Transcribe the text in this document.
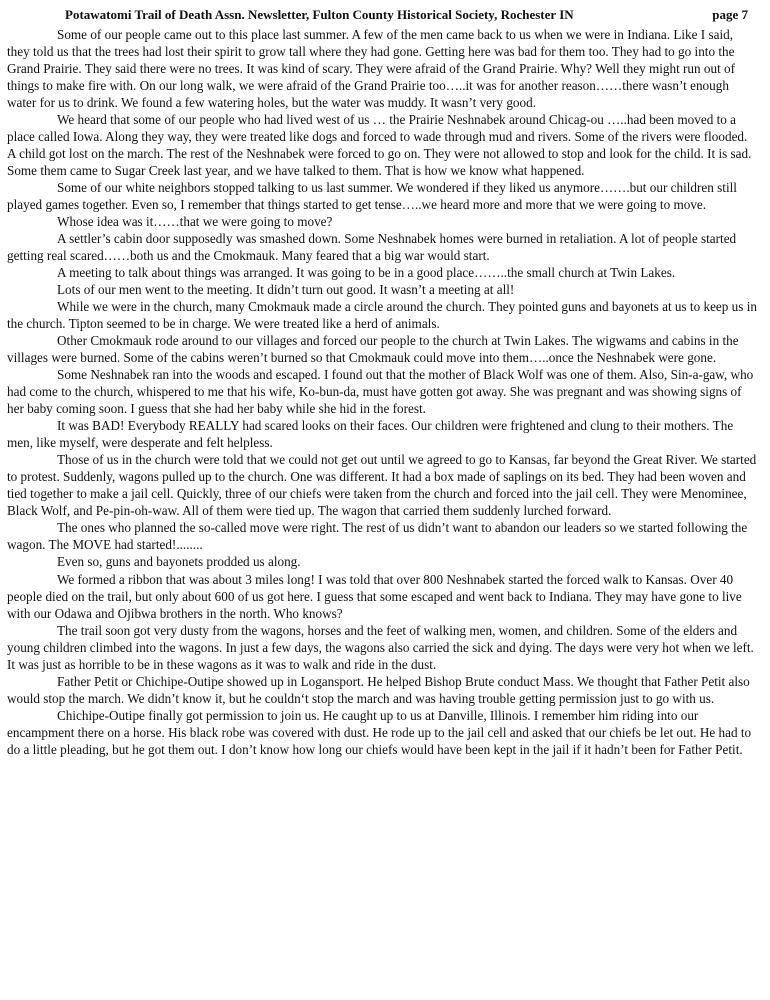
Potawatomi Trail of Death Assn. Newsletter, Fulton County Historical Society, Rochester IN	page 7

Some of our people came out to this place last summer. A few of the men came back to us when we were in Indiana. Like I said, they told us that the trees had lost their spirit to grow tall where they had gone. Getting here was bad for them too. They had to go into the Grand Prairie. They said there were no trees. It was kind of scary. They were afraid of the Grand Prairie. Why? Well they might run out of things to make fire with. On our long walk, we were afraid of the Grand Prairie too…..it was for another reason……there wasn’t enough water for us to drink. We found a few watering holes, but the water was muddy. It wasn’t very good.

We heard that some of our people who had lived west of us … the Prairie Neshnabek around Chicag-ou …..had been moved to a place called Iowa. Along they way, they were treated like dogs and forced to wade through mud and rivers. Some of the rivers were flooded. A child got lost on the march. The rest of the Neshnabek were forced to go on. They were not allowed to stop and look for the child. It is sad. Some them came to Sugar Creek last year, and we have talked to them. That is how we know what happened.

Some of our white neighbors stopped talking to us last summer. We wondered if they liked us anymore…….but our children still played games together. Even so, I remember that things started to get tense…..we heard more and more that we were going to move.

Whose idea was it……that we were going to move?

A settler’s cabin door supposedly was smashed down. Some Neshnabek homes were burned in retaliation. A lot of people started getting real scared……both us and the Cmokmauk. Many feared that a big war would start.

A meeting to talk about things was arranged. It was going to be in a good place……..the small church at Twin Lakes.

Lots of our men went to the meeting. It didn’t turn out good. It wasn’t a meeting at all!

While we were in the church, many Cmokmauk made a circle around the church. They pointed guns and bayonets at us to keep us in the church. Tipton seemed to be in charge. We were treated like a herd of animals.

Other Cmokmauk rode around to our villages and forced our people to the church at Twin Lakes. The wigwams and cabins in the villages were burned. Some of the cabins weren’t burned so that Cmokmauk could move into them…..once the Neshnabek were gone.

Some Neshnabek ran into the woods and escaped. I found out that the mother of Black Wolf was one of them. Also, Sin-a-gaw, who had come to the church, whispered to me that his wife, Ko-bun-da, must have gotten got away. She was pregnant and was showing signs of her baby coming soon. I guess that she had her baby while she hid in the forest.

It was BAD! Everybody REALLY had scared looks on their faces. Our children were frightened and clung to their mothers. The men, like myself, were desperate and felt helpless.

Those of us in the church were told that we could not get out until we agreed to go to Kansas, far beyond the Great River. We started to protest. Suddenly, wagons pulled up to the church. One was different. It had a box made of saplings on its bed. They had been woven and tied together to make a jail cell. Quickly, three of our chiefs were taken from the church and forced into the jail cell. They were Menominee, Black Wolf, and Pe-pin-oh-waw. All of them were tied up. The wagon that carried them suddenly lurched forward.

The ones who planned the so-called move were right. The rest of us didn’t want to abandon our leaders so we started following the wagon. The MOVE had started!........

Even so, guns and bayonets prodded us along.

We formed a ribbon that was about 3 miles long! I was told that over 800 Neshnabek started the forced walk to Kansas. Over 40 people died on the trail, but only about 600 of us got here. I guess that some escaped and went back to Indiana. They may have gone to live with our Odawa and Ojibwa brothers in the north. Who knows?

The trail soon got very dusty from the wagons, horses and the feet of walking men, women, and children. Some of the elders and young children climbed into the wagons. In just a few days, the wagons also carried the sick and dying. The days were very hot when we left. It was just as horrible to be in these wagons as it was to walk and ride in the dust.

Father Petit or Chichipe-Outipe showed up in Logansport. He helped Bishop Brute conduct Mass. We thought that Father Petit also would stop the march. We didn’t know it, but he couldn‘t stop the march and was having trouble getting permission just to go with us.

Chichipe-Outipe finally got permission to join us. He caught up to us at Danville, Illinois. I remember him riding into our encampment there on a horse. His black robe was covered with dust. He rode up to the jail cell and asked that our chiefs be let out. He had to do a little pleading, but he got them out. I don’t know how long our chiefs would have been kept in the jail if it hadn’t been for Father Petit.
